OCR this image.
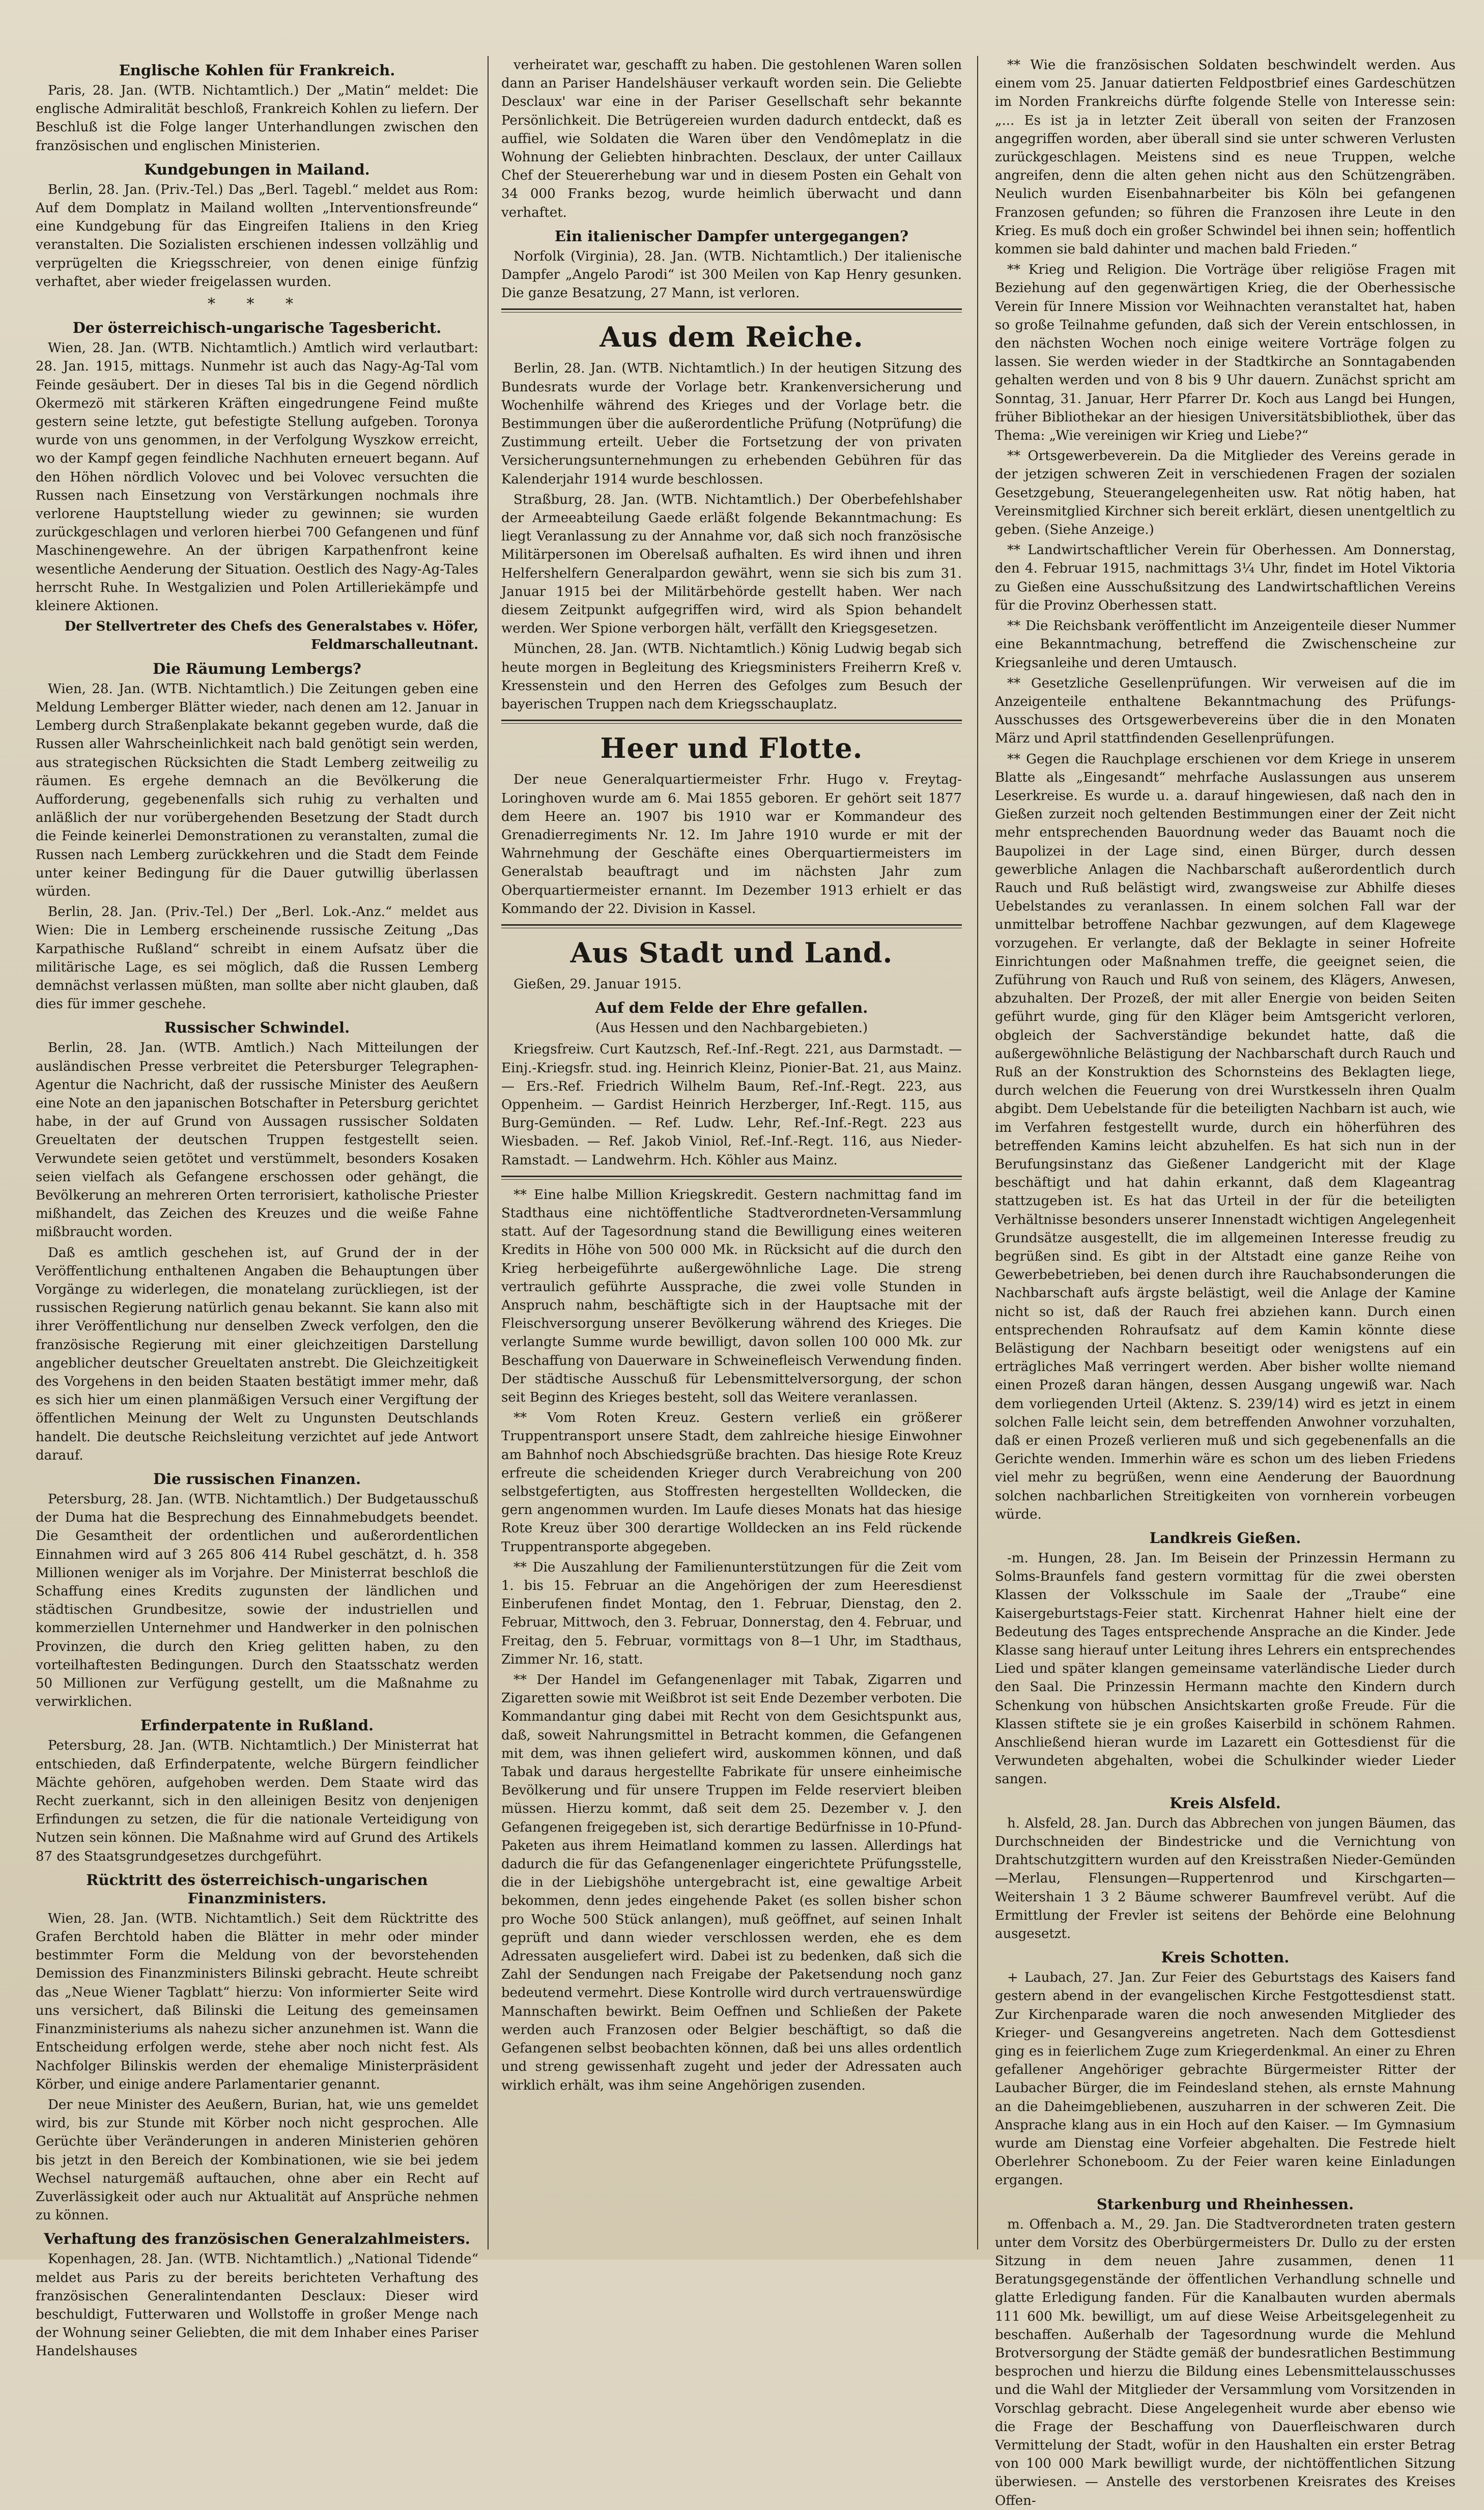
Englische Kohlen für Frankreich.

Paris, 28. Jan. (WTB. Nichtamtlich.) Der „Matin“ meldet: Die englische Admiralität beschloß, Frankreich Kohlen zu liefern. Der Beschluß ist die Folge langer Unterhandlungen zwischen den französischen und englischen Ministerien.

Kundgebungen in Mailand.

Berlin, 28. Jan. (Priv.-Tel.) Das „Berl. Tagebl.“ meldet aus Rom: Auf dem Domplatz in Mailand wollten „Interventionsfreunde“ eine Kundgebung für das Eingreifen Italiens in den Krieg veranstalten. Die Sozialisten erschienen indessen vollzählig und verprügelten die Kriegsschreier, von denen einige fünfzig verhaftet, aber wieder freigelassen wurden.

* * *
Der österreichisch-ungarische Tagesbericht.

Wien, 28. Jan. (WTB. Nichtamtlich.) Amtlich wird verlautbart: 28. Jan. 1915, mittags. Nunmehr ist auch das Nagy-Ag-Tal vom Feinde gesäubert. Der in dieses Tal bis in die Gegend nördlich Okermezö mit stärkeren Kräften eingedrungene Feind mußte gestern seine letzte, gut befestigte Stellung aufgeben. Toronya wurde von uns genommen, in der Verfolgung Wyszkow erreicht, wo der Kampf gegen feindliche Nachhuten erneuert begann. Auf den Höhen nördlich Volovec und bei Volovec versuchten die Russen nach Einsetzung von Verstärkungen nochmals ihre verlorene Hauptstellung wieder zu gewinnen; sie wurden zurückgeschlagen und verloren hierbei 700 Gefangenen und fünf Maschinengewehre. An der übrigen Karpathenfront keine wesentliche Aenderung der Situation. Oestlich des Nagy-Ag-Tales herrscht Ruhe. In Westgalizien und Polen Artilleriekämpfe und kleinere Aktionen.

Der Stellvertreter des Chefs des Generalstabes v. Höfer, Feldmarschalleutnant.
Die Räumung Lembergs?

Wien, 28. Jan. (WTB. Nichtamtlich.) Die Zeitungen geben eine Meldung Lemberger Blätter wieder, nach denen am 12. Januar in Lemberg durch Straßenplakate bekannt gegeben wurde, daß die Russen aller Wahrscheinlichkeit nach bald genötigt sein werden, aus strategischen Rücksichten die Stadt Lemberg zeitweilig zu räumen. Es ergehe demnach an die Bevölkerung die Aufforderung, gegebenenfalls sich ruhig zu verhalten und anläßlich der nur vorübergehenden Besetzung der Stadt durch die Feinde keinerlei Demonstrationen zu veranstalten, zumal die Russen nach Lemberg zurückkehren und die Stadt dem Feinde unter keiner Bedingung für die Dauer gutwillig überlassen würden.

Berlin, 28. Jan. (Priv.-Tel.) Der „Berl. Lok.-Anz.“ meldet aus Wien: Die in Lemberg erscheinende russische Zeitung „Das Karpathische Rußland“ schreibt in einem Aufsatz über die militärische Lage, es sei möglich, daß die Russen Lemberg demnächst verlassen müßten, man sollte aber nicht glauben, daß dies für immer geschehe.

Russischer Schwindel.

Berlin, 28. Jan. (WTB. Amtlich.) Nach Mitteilungen der ausländischen Presse verbreitet die Petersburger Telegraphen-Agentur die Nachricht, daß der russische Minister des Aeußern eine Note an den japanischen Botschafter in Petersburg gerichtet habe, in der auf Grund von Aussagen russischer Soldaten Greueltaten der deutschen Truppen festgestellt seien. Verwundete seien getötet und verstümmelt, besonders Kosaken seien vielfach als Gefangene erschossen oder gehängt, die Bevölkerung an mehreren Orten terrorisiert, katholische Priester mißhandelt, das Zeichen des Kreuzes und die weiße Fahne mißbraucht worden.

Daß es amtlich geschehen ist, auf Grund der in der Veröffentlichung enthaltenen Angaben die Behauptungen über Vorgänge zu widerlegen, die monatelang zurückliegen, ist der russischen Regierung natürlich genau bekannt. Sie kann also mit ihrer Veröffentlichung nur denselben Zweck verfolgen, den die französische Regierung mit einer gleichzeitigen Darstellung angeblicher deutscher Greueltaten anstrebt. Die Gleichzeitigkeit des Vorgehens in den beiden Staaten bestätigt immer mehr, daß es sich hier um einen planmäßigen Versuch einer Vergiftung der öffentlichen Meinung der Welt zu Ungunsten Deutschlands handelt. Die deutsche Reichsleitung verzichtet auf jede Antwort darauf.

Die russischen Finanzen.

Petersburg, 28. Jan. (WTB. Nichtamtlich.) Der Budgetausschuß der Duma hat die Besprechung des Einnahmebudgets beendet. Die Gesamtheit der ordentlichen und außerordentlichen Einnahmen wird auf 3 265 806 414 Rubel geschätzt, d. h. 358 Millionen weniger als im Vorjahre. Der Ministerrat beschloß die Schaffung eines Kredits zugunsten der ländlichen und städtischen Grundbesitze, sowie der industriellen und kommerziellen Unternehmer und Handwerker in den polnischen Provinzen, die durch den Krieg gelitten haben, zu den vorteilhaftesten Bedingungen. Durch den Staatsschatz werden 50 Millionen zur Verfügung gestellt, um die Maßnahme zu verwirklichen.

Erfinderpatente in Rußland.

Petersburg, 28. Jan. (WTB. Nichtamtlich.) Der Ministerrat hat entschieden, daß Erfinderpatente, welche Bürgern feindlicher Mächte gehören, aufgehoben werden. Dem Staate wird das Recht zuerkannt, sich in den alleinigen Besitz von denjenigen Erfindungen zu setzen, die für die nationale Verteidigung von Nutzen sein können. Die Maßnahme wird auf Grund des Artikels 87 des Staatsgrundgesetzes durchgeführt.

Rücktritt des österreichisch-ungarischen Finanzministers.

Wien, 28. Jan. (WTB. Nichtamtlich.) Seit dem Rücktritte des Grafen Berchtold haben die Blätter in mehr oder minder bestimmter Form die Meldung von der bevorstehenden Demission des Finanzministers Bilinski gebracht. Heute schreibt das „Neue Wiener Tagblatt“ hierzu: Von informierter Seite wird uns versichert, daß Bilinski die Leitung des gemeinsamen Finanzministeriums als nahezu sicher anzunehmen ist. Wann die Entscheidung erfolgen werde, stehe aber noch nicht fest. Als Nachfolger Bilinskis werden der ehemalige Ministerpräsident Körber, und einige andere Parlamentarier genannt.

Der neue Minister des Aeußern, Burian, hat, wie uns gemeldet wird, bis zur Stunde mit Körber noch nicht gesprochen. Alle Gerüchte über Veränderungen in anderen Ministerien gehören bis jetzt in den Bereich der Kombinationen, wie sie bei jedem Wechsel naturgemäß auftauchen, ohne aber ein Recht auf Zuverlässigkeit oder auch nur Aktualität auf Ansprüche nehmen zu können.

Verhaftung des französischen Generalzahlmeisters.

Kopenhagen, 28. Jan. (WTB. Nichtamtlich.) „National Tidende“ meldet aus Paris zu der bereits berichteten Verhaftung des französischen Generalintendanten Desclaux: Dieser wird beschuldigt, Futterwaren und Wollstoffe in großer Menge nach der Wohnung seiner Geliebten, die mit dem Inhaber eines Pariser Handelshauses

verheiratet war, geschafft zu haben. Die gestohlenen Waren sollen dann an Pariser Handelshäuser verkauft worden sein. Die Geliebte Desclaux' war eine in der Pariser Gesellschaft sehr bekannte Persönlichkeit. Die Betrügereien wurden dadurch entdeckt, daß es auffiel, wie Soldaten die Waren über den Vendômeplatz in die Wohnung der Geliebten hinbrachten. Desclaux, der unter Caillaux Chef der Steuererhebung war und in diesem Posten ein Gehalt von 34 000 Franks bezog, wurde heimlich überwacht und dann verhaftet.

Ein italienischer Dampfer untergegangen?

Norfolk (Virginia), 28. Jan. (WTB. Nichtamtlich.) Der italienische Dampfer „Angelo Parodi“ ist 300 Meilen von Kap Henry gesunken. Die ganze Besatzung, 27 Mann, ist verloren.

Aus dem Reiche.

Berlin, 28. Jan. (WTB. Nichtamtlich.) In der heutigen Sitzung des Bundesrats wurde der Vorlage betr. Krankenversicherung und Wochenhilfe während des Krieges und der Vorlage betr. die Bestimmungen über die außerordentliche Prüfung (Notprüfung) die Zustimmung erteilt. Ueber die Fortsetzung der von privaten Versicherungsunternehmungen zu erhebenden Gebühren für das Kalenderjahr 1914 wurde beschlossen.

Straßburg, 28. Jan. (WTB. Nichtamtlich.) Der Oberbefehlshaber der Armeeabteilung Gaede erläßt folgende Bekanntmachung: Es liegt Veranlassung zu der Annahme vor, daß sich noch französische Militärpersonen im Oberelsaß aufhalten. Es wird ihnen und ihren Helfershelfern Generalpardon gewährt, wenn sie sich bis zum 31. Januar 1915 bei der Militärbehörde gestellt haben. Wer nach diesem Zeitpunkt aufgegriffen wird, wird als Spion behandelt werden. Wer Spione verborgen hält, verfällt den Kriegsgesetzen.

München, 28. Jan. (WTB. Nichtamtlich.) König Ludwig begab sich heute morgen in Begleitung des Kriegsministers Freiherrn Kreß v. Kressenstein und den Herren des Gefolges zum Besuch der bayerischen Truppen nach dem Kriegsschauplatz.

Heer und Flotte.

Der neue Generalquartiermeister Frhr. Hugo v. Freytag-Loringhoven wurde am 6. Mai 1855 geboren. Er gehört seit 1877 dem Heere an. 1907 bis 1910 war er Kommandeur des Grenadierregiments Nr. 12. Im Jahre 1910 wurde er mit der Wahrnehmung der Geschäfte eines Oberquartiermeisters im Generalstab beauftragt und im nächsten Jahr zum Oberquartiermeister ernannt. Im Dezember 1913 erhielt er das Kommando der 22. Division in Kassel.

Aus Stadt und Land.

Gießen, 29. Januar 1915.

Auf dem Felde der Ehre gefallen.
(Aus Hessen und den Nachbargebieten.)

Kriegsfreiw. Curt Kautzsch, Ref.-Inf.-Regt. 221, aus Darmstadt. — Einj.-Kriegsfr. stud. ing. Heinrich Kleinz, Pionier-Bat. 21, aus Mainz. — Ers.-Ref. Friedrich Wilhelm Baum, Ref.-Inf.-Regt. 223, aus Oppenheim. — Gardist Heinrich Herzberger, Inf.-Regt. 115, aus Burg-Gemünden. — Ref. Ludw. Lehr, Ref.-Inf.-Regt. 223 aus Wiesbaden. — Ref. Jakob Viniol, Ref.-Inf.-Regt. 116, aus Nieder-Ramstadt. — Landwehrm. Hch. Köhler aus Mainz.

** Eine halbe Million Kriegskredit. Gestern nachmittag fand im Stadthaus eine nichtöffentliche Stadtverordneten-Versammlung statt. Auf der Tagesordnung stand die Bewilligung eines weiteren Kredits in Höhe von 500 000 Mk. in Rücksicht auf die durch den Krieg herbeigeführte außergewöhnliche Lage. Die streng vertraulich geführte Aussprache, die zwei volle Stunden in Anspruch nahm, beschäftigte sich in der Hauptsache mit der Fleischversorgung unserer Bevölkerung während des Krieges. Die verlangte Summe wurde bewilligt, davon sollen 100 000 Mk. zur Beschaffung von Dauerware in Schweinefleisch Verwendung finden. Der städtische Ausschuß für Lebensmittelversorgung, der schon seit Beginn des Krieges besteht, soll das Weitere veranlassen.

** Vom Roten Kreuz. Gestern verließ ein größerer Truppentransport unsere Stadt, dem zahlreiche hiesige Einwohner am Bahnhof noch Abschiedsgrüße brachten. Das hiesige Rote Kreuz erfreute die scheidenden Krieger durch Verabreichung von 200 selbstgefertigten, aus Stoffresten hergestellten Wolldecken, die gern angenommen wurden. Im Laufe dieses Monats hat das hiesige Rote Kreuz über 300 derartige Wolldecken an ins Feld rückende Truppentransporte abgegeben.

** Die Auszahlung der Familienunterstützungen für die Zeit vom 1. bis 15. Februar an die Angehörigen der zum Heeresdienst Einberufenen findet Montag, den 1. Februar, Dienstag, den 2. Februar, Mittwoch, den 3. Februar, Donnerstag, den 4. Februar, und Freitag, den 5. Februar, vormittags von 8—1 Uhr, im Stadthaus, Zimmer Nr. 16, statt.

** Der Handel im Gefangenenlager mit Tabak, Zigarren und Zigaretten sowie mit Weißbrot ist seit Ende Dezember verboten. Die Kommandantur ging dabei mit Recht von dem Gesichtspunkt aus, daß, soweit Nahrungsmittel in Betracht kommen, die Gefangenen mit dem, was ihnen geliefert wird, auskommen können, und daß Tabak und daraus hergestellte Fabrikate für unsere einheimische Bevölkerung und für unsere Truppen im Felde reserviert bleiben müssen. Hierzu kommt, daß seit dem 25. Dezember v. J. den Gefangenen freigegeben ist, sich derartige Bedürfnisse in 10-Pfund-Paketen aus ihrem Heimatland kommen zu lassen. Allerdings hat dadurch die für das Gefangenenlager eingerichtete Prüfungsstelle, die in der Liebigshöhe untergebracht ist, eine gewaltige Arbeit bekommen, denn jedes eingehende Paket (es sollen bisher schon pro Woche 500 Stück anlangen), muß geöffnet, auf seinen Inhalt geprüft und dann wieder verschlossen werden, ehe es dem Adressaten ausgeliefert wird. Dabei ist zu bedenken, daß sich die Zahl der Sendungen nach Freigabe der Paketsendung noch ganz bedeutend vermehrt. Diese Kontrolle wird durch vertrauenswürdige Mannschaften bewirkt. Beim Oeffnen und Schließen der Pakete werden auch Franzosen oder Belgier beschäftigt, so daß die Gefangenen selbst beobachten können, daß bei uns alles ordentlich und streng gewissenhaft zugeht und jeder der Adressaten auch wirklich erhält, was ihm seine Angehörigen zusenden.

** Wie die französischen Soldaten beschwindelt werden. Aus einem vom 25. Januar datierten Feldpostbrief eines Gardeschützen im Norden Frankreichs dürfte folgende Stelle von Interesse sein: „... Es ist ja in letzter Zeit überall von seiten der Franzosen angegriffen worden, aber überall sind sie unter schweren Verlusten zurückgeschlagen. Meistens sind es neue Truppen, welche angreifen, denn die alten gehen nicht aus den Schützengräben. Neulich wurden Eisenbahnarbeiter bis Köln bei gefangenen Franzosen gefunden; so führen die Franzosen ihre Leute in den Krieg. Es muß doch ein großer Schwindel bei ihnen sein; hoffentlich kommen sie bald dahinter und machen bald Frieden.“

** Krieg und Religion. Die Vorträge über religiöse Fragen mit Beziehung auf den gegenwärtigen Krieg, die der Oberhessische Verein für Innere Mission vor Weihnachten veranstaltet hat, haben so große Teilnahme gefunden, daß sich der Verein entschlossen, in den nächsten Wochen noch einige weitere Vorträge folgen zu lassen. Sie werden wieder in der Stadtkirche an Sonntagabenden gehalten werden und von 8 bis 9 Uhr dauern. Zunächst spricht am Sonntag, 31. Januar, Herr Pfarrer Dr. Koch aus Langd bei Hungen, früher Bibliothekar an der hiesigen Universitätsbibliothek, über das Thema: „Wie vereinigen wir Krieg und Liebe?“

** Ortsgewerbeverein. Da die Mitglieder des Vereins gerade in der jetzigen schweren Zeit in verschiedenen Fragen der sozialen Gesetzgebung, Steuerangelegenheiten usw. Rat nötig haben, hat Vereinsmitglied Kirchner sich bereit erklärt, diesen unentgeltlich zu geben. (Siehe Anzeige.)

** Landwirtschaftlicher Verein für Oberhessen. Am Donnerstag, den 4. Februar 1915, nachmittags 3¼ Uhr, findet im Hotel Viktoria zu Gießen eine Ausschußsitzung des Landwirtschaftlichen Vereins für die Provinz Oberhessen statt.

** Die Reichsbank veröffentlicht im Anzeigenteile dieser Nummer eine Bekanntmachung, betreffend die Zwischenscheine zur Kriegsanleihe und deren Umtausch.

** Gesetzliche Gesellenprüfungen. Wir verweisen auf die im Anzeigenteile enthaltene Bekanntmachung des Prüfungs-Ausschusses des Ortsgewerbevereins über die in den Monaten März und April stattfindenden Gesellenprüfungen.

** Gegen die Rauchplage erschienen vor dem Kriege in unserem Blatte als „Eingesandt“ mehrfache Auslassungen aus unserem Leserkreise. Es wurde u. a. darauf hingewiesen, daß nach den in Gießen zurzeit noch geltenden Bestimmungen einer der Zeit nicht mehr entsprechenden Bauordnung weder das Bauamt noch die Baupolizei in der Lage sind, einen Bürger, durch dessen gewerbliche Anlagen die Nachbarschaft außerordentlich durch Rauch und Ruß belästigt wird, zwangsweise zur Abhilfe dieses Uebelstandes zu veranlassen. In einem solchen Fall war der unmittelbar betroffene Nachbar gezwungen, auf dem Klagewege vorzugehen. Er verlangte, daß der Beklagte in seiner Hofreite Einrichtungen oder Maßnahmen treffe, die geeignet seien, die Zuführung von Rauch und Ruß von seinem, des Klägers, Anwesen, abzuhalten. Der Prozeß, der mit aller Energie von beiden Seiten geführt wurde, ging für den Kläger beim Amtsgericht verloren, obgleich der Sachverständige bekundet hatte, daß die außergewöhnliche Belästigung der Nachbarschaft durch Rauch und Ruß an der Konstruktion des Schornsteins des Beklagten liege, durch welchen die Feuerung von drei Wurstkesseln ihren Qualm abgibt. Dem Uebelstande für die beteiligten Nachbarn ist auch, wie im Verfahren festgestellt wurde, durch ein höherführen des betreffenden Kamins leicht abzuhelfen. Es hat sich nun in der Berufungsinstanz das Gießener Landgericht mit der Klage beschäftigt und hat dahin erkannt, daß dem Klageantrag stattzugeben ist. Es hat das Urteil in der für die beteiligten Verhältnisse besonders unserer Innenstadt wichtigen Angelegenheit Grundsätze ausgestellt, die im allgemeinen Interesse freudig zu begrüßen sind. Es gibt in der Altstadt eine ganze Reihe von Gewerbebetrieben, bei denen durch ihre Rauchabsonderungen die Nachbarschaft aufs ärgste belästigt, weil die Anlage der Kamine nicht so ist, daß der Rauch frei abziehen kann. Durch einen entsprechenden Rohraufsatz auf dem Kamin könnte diese Belästigung der Nachbarn beseitigt oder wenigstens auf ein erträgliches Maß verringert werden. Aber bisher wollte niemand einen Prozeß daran hängen, dessen Ausgang ungewiß war. Nach dem vorliegenden Urteil (Aktenz. S. 239/14) wird es jetzt in einem solchen Falle leicht sein, dem betreffenden Anwohner vorzuhalten, daß er einen Prozeß verlieren muß und sich gegebenenfalls an die Gerichte wenden. Immerhin wäre es schon um des lieben Friedens viel mehr zu begrüßen, wenn eine Aenderung der Bauordnung solchen nachbarlichen Streitigkeiten von vornherein vorbeugen würde.

Landkreis Gießen.

-m. Hungen, 28. Jan. Im Beisein der Prinzessin Hermann zu Solms-Braunfels fand gestern vormittag für die zwei obersten Klassen der Volksschule im Saale der „Traube“ eine Kaisergeburtstags-Feier statt. Kirchenrat Hahner hielt eine der Bedeutung des Tages entsprechende Ansprache an die Kinder. Jede Klasse sang hierauf unter Leitung ihres Lehrers ein entsprechendes Lied und später klangen gemeinsame vaterländische Lieder durch den Saal. Die Prinzessin Hermann machte den Kindern durch Schenkung von hübschen Ansichtskarten große Freude. Für die Klassen stiftete sie je ein großes Kaiserbild in schönem Rahmen. Anschließend hieran wurde im Lazarett ein Gottesdienst für die Verwundeten abgehalten, wobei die Schulkinder wieder Lieder sangen.

Kreis Alsfeld.

h. Alsfeld, 28. Jan. Durch das Abbrechen von jungen Bäumen, das Durchschneiden der Bindestricke und die Vernichtung von Drahtschutzgittern wurden auf den Kreisstraßen Nieder-Gemünden—Merlau, Flensungen—Ruppertenrod und Kirschgarten—Weitershain 1 3 2 Bäume schwerer Baumfrevel verübt. Auf die Ermittlung der Frevler ist seitens der Behörde eine Belohnung ausgesetzt.

Kreis Schotten.

+ Laubach, 27. Jan. Zur Feier des Geburtstags des Kaisers fand gestern abend in der evangelischen Kirche Festgottesdienst statt. Zur Kirchenparade waren die noch anwesenden Mitglieder des Krieger- und Gesangvereins angetreten. Nach dem Gottesdienst ging es in feierlichem Zuge zum Kriegerdenkmal. An einer zu Ehren gefallener Angehöriger gebrachte Bürgermeister Ritter der Laubacher Bürger, die im Feindesland stehen, als ernste Mahnung an die Daheimgebliebenen, auszuharren in der schweren Zeit. Die Ansprache klang aus in ein Hoch auf den Kaiser. — Im Gymnasium wurde am Dienstag eine Vorfeier abgehalten. Die Festrede hielt Oberlehrer Schoneboom. Zu der Feier waren keine Einladungen ergangen.

Starkenburg und Rheinhessen.

m. Offenbach a. M., 29. Jan. Die Stadtverordneten traten gestern unter dem Vorsitz des Oberbürgermeisters Dr. Dullo zu der ersten Sitzung in dem neuen Jahre zusammen, denen 11 Beratungsgegenstände der öffentlichen Verhandlung schnelle und glatte Erledigung fanden. Für die Kanalbauten wurden abermals 111 600 Mk. bewilligt, um auf diese Weise Arbeitsgelegenheit zu beschaffen. Außerhalb der Tagesordnung wurde die Mehlund Brotversorgung der Städte gemäß der bundesratlichen Bestimmung besprochen und hierzu die Bildung eines Lebensmittelausschusses und die Wahl der Mitglieder der Versammlung vom Vorsitzenden in Vorschlag gebracht. Diese Angelegenheit wurde aber ebenso wie die Frage der Beschaffung von Dauerfleischwaren durch Vermittelung der Stadt, wofür in den Haushalten ein erster Betrag von 100 000 Mark bewilligt wurde, der nichtöffentlichen Sitzung überwiesen. — Anstelle des verstorbenen Kreisrates des Kreises Offen-
